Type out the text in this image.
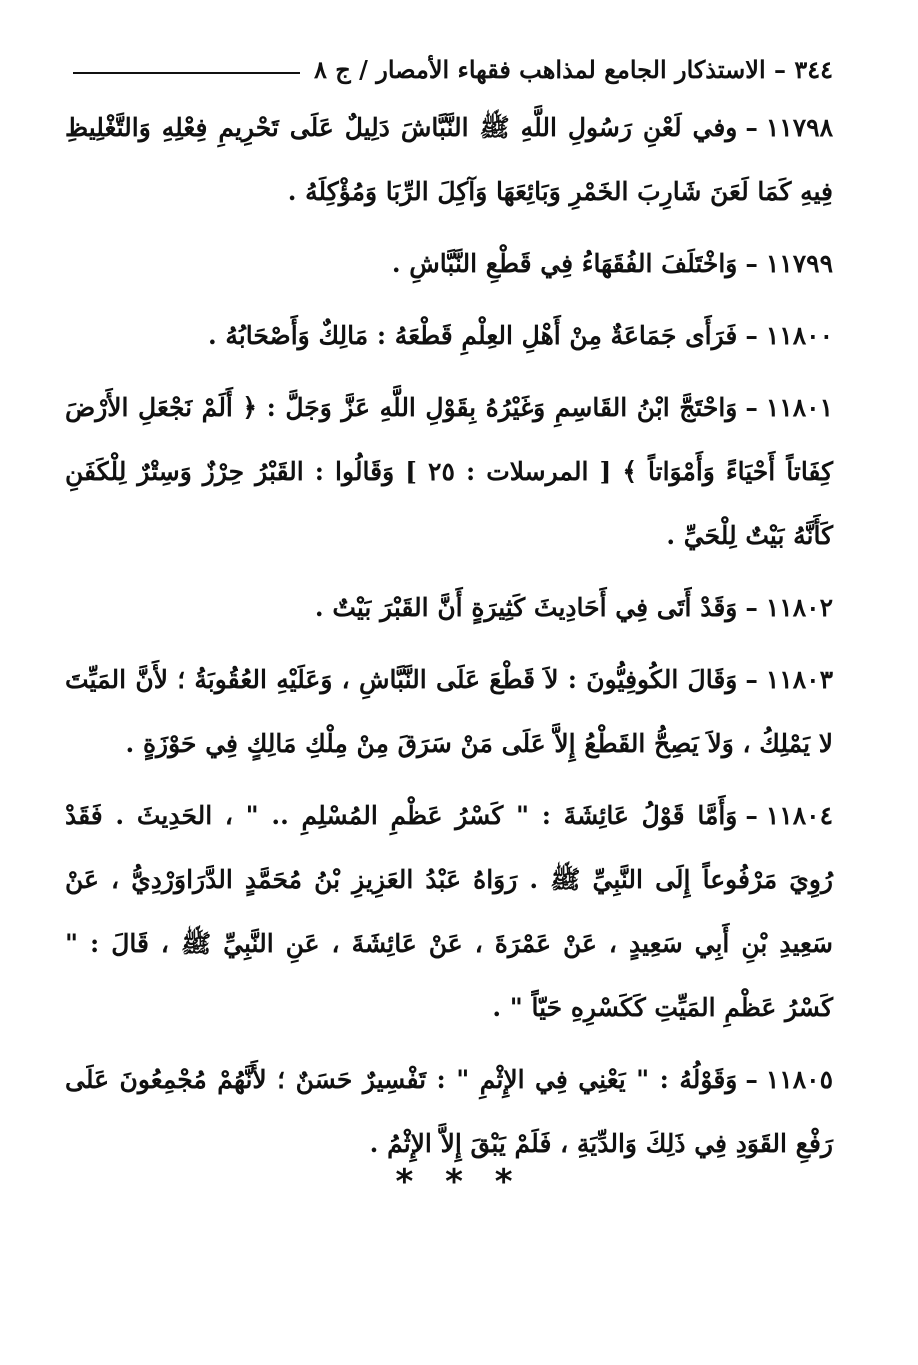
٣٤٤
–
الاستذكار الجامع لمذاهب فقهاء الأمصار / ج ٨

١١٧٩٨–وفي لَعْنِ رَسُولِ اللَّهِ ﷺ النَّبَّاشَ دَلِيلٌ عَلَى تَحْرِيمِ فِعْلِهِ وَالتَّغْلِيظِ فِيهِ كَمَا لَعَنَ شَارِبَ الخَمْرِ وَبَائِعَهَا وَآكِلَ الرِّبَا وَمُؤْكِلَهُ .

١١٧٩٩–وَاخْتَلَفَ الفُقَهَاءُ فِي قَطْعِ النَّبَّاشِ .

١١٨٠٠–فَرَأَى جَمَاعَةٌ مِنْ أَهْلِ العِلْمِ قَطْعَهُ : مَالِكٌ وَأَصْحَابُهُ .

١١٨٠١–وَاحْتَجَّ ابْنُ القَاسِمِ وَغَيْرُهُ بِقَوْلِ اللَّهِ عَزَّ وَجَلَّ : ﴿ أَلَمْ نَجْعَلِ الأَرْضَ كِفَاتاً أَحْيَاءً وَأَمْوَاتاً ﴾ [ المرسلات : ٢٥ ] وَقَالُوا : القَبْرُ حِرْزٌ وَسِتْرٌ لِلْكَفَنِ كَأَنَّهُ بَيْتٌ لِلْحَيِّ .

١١٨٠٢–وَقَدْ أَتَى فِي أَحَادِيثَ كَثِيرَةٍ أَنَّ القَبْرَ بَيْتٌ .

١١٨٠٣–وَقَالَ الكُوفِيُّونَ : لاَ قَطْعَ عَلَى النَّبَّاشِ ، وَعَلَيْهِ العُقُوبَةُ ؛ لأَنَّ المَيِّتَ لا يَمْلِكُ ، وَلاَ يَصِحُّ القَطْعُ إِلاَّ عَلَى مَنْ سَرَقَ مِنْ مِلْكِ مَالِكٍ فِي حَوْزَةٍ .

١١٨٠٤–وَأَمَّا قَوْلُ عَائِشَةَ : " كَسْرُ عَظْمِ المُسْلِمِ .. " ، الحَدِيثَ . فَقَدْ رُوِيَ مَرْفُوعاً إِلَى النَّبِيِّ ﷺ . رَوَاهُ عَبْدُ العَزِيزِ بْنُ مُحَمَّدٍ الدَّرَاوَرْدِيُّ ، عَنْ سَعِيدِ بْنِ أَبِي سَعِيدٍ ، عَنْ عَمْرَةَ ، عَنْ عَائِشَةَ ، عَنِ النَّبِيِّ ﷺ ، قَالَ : " كَسْرُ عَظْمِ المَيِّتِ كَكَسْرِهِ حَيّاً " .

١١٨٠٥–وَقَوْلُهُ : " يَعْنِي فِي الإِثْمِ " : تَفْسِيرٌ حَسَنٌ ؛ لأَنَّهُمْ مُجْمِعُونَ عَلَى رَفْعِ القَوَدِ فِي ذَلِكَ وَالدِّيَةِ ، فَلَمْ يَبْقَ إِلاَّ الإِثْمُ .

* * *
